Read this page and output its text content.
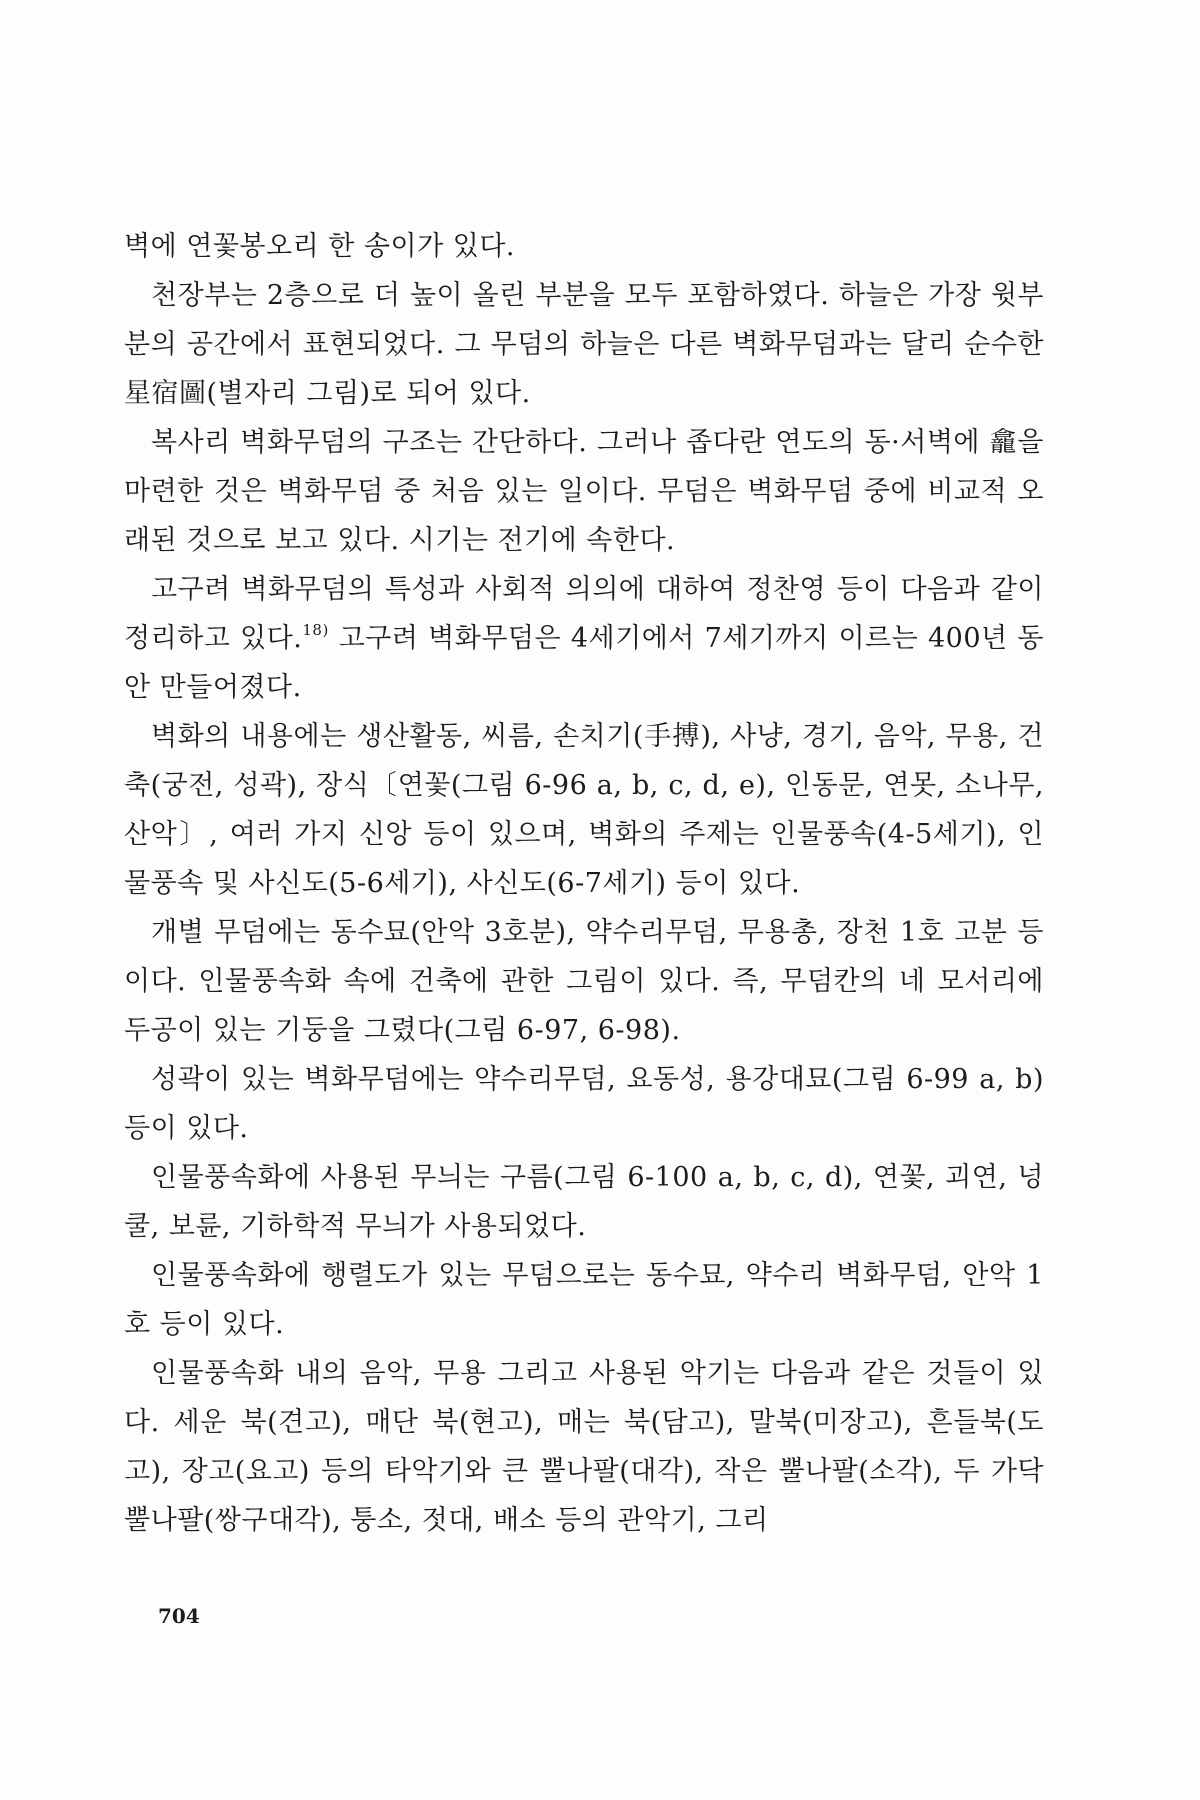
벽에 연꽃봉오리 한 송이가 있다.

천장부는 2층으로 더 높이 올린 부분을 모두 포함하였다. 하늘은 가장 윗부분의 공간에서 표현되었다. 그 무덤의 하늘은 다른 벽화무덤과는 달리 순수한 星宿圖(별자리 그림)로 되어 있다.

복사리 벽화무덤의 구조는 간단하다. 그러나 좁다란 연도의 동·서벽에 龕을 마련한 것은 벽화무덤 중 처음 있는 일이다. 무덤은 벽화무덤 중에 비교적 오래된 것으로 보고 있다. 시기는 전기에 속한다.

고구려 벽화무덤의 특성과 사회적 의의에 대하여 정찬영 등이 다음과 같이 정리하고 있다.$^{18)}$ 고구려 벽화무덤은 4세기에서 7세기까지 이르는 400년 동안 만들어졌다.

벽화의 내용에는 생산활동, 씨름, 손치기(手搏), 사냥, 경기, 음악, 무용, 건축(궁전, 성곽), 장식〔연꽃(그림 6-96 a, b, c, d, e), 인동문, 연못, 소나무, 산악〕, 여러 가지 신앙 등이 있으며, 벽화의 주제는 인물풍속(4-5세기), 인물풍속 및 사신도(5-6세기), 사신도(6-7세기) 등이 있다.

개별 무덤에는 동수묘(안악 3호분), 약수리무덤, 무용총, 장천 1호 고분 등이다. 인물풍속화 속에 건축에 관한 그림이 있다. 즉, 무덤칸의 네 모서리에 두공이 있는 기둥을 그렸다(그림 6-97, 6-98).

성곽이 있는 벽화무덤에는 약수리무덤, 요동성, 용강대묘(그림 6-99 a, b) 등이 있다.

인물풍속화에 사용된 무늬는 구름(그림 6-100 a, b, c, d), 연꽃, 괴연, 넝쿨, 보륜, 기하학적 무늬가 사용되었다.

인물풍속화에 행렬도가 있는 무덤으로는 동수묘, 약수리 벽화무덤, 안악 1호 등이 있다.

인물풍속화 내의 음악, 무용 그리고 사용된 악기는 다음과 같은 것들이 있다. 세운 북(견고), 매단 북(현고), 매는 북(담고), 말북(미장고), 흔들북(도고), 장고(요고) 등의 타악기와 큰 뿔나팔(대각), 작은 뿔나팔(소각), 두 가닥 뿔나팔(쌍구대각), 퉁소, 젓대, 배소 등의 관악기, 그리

704
